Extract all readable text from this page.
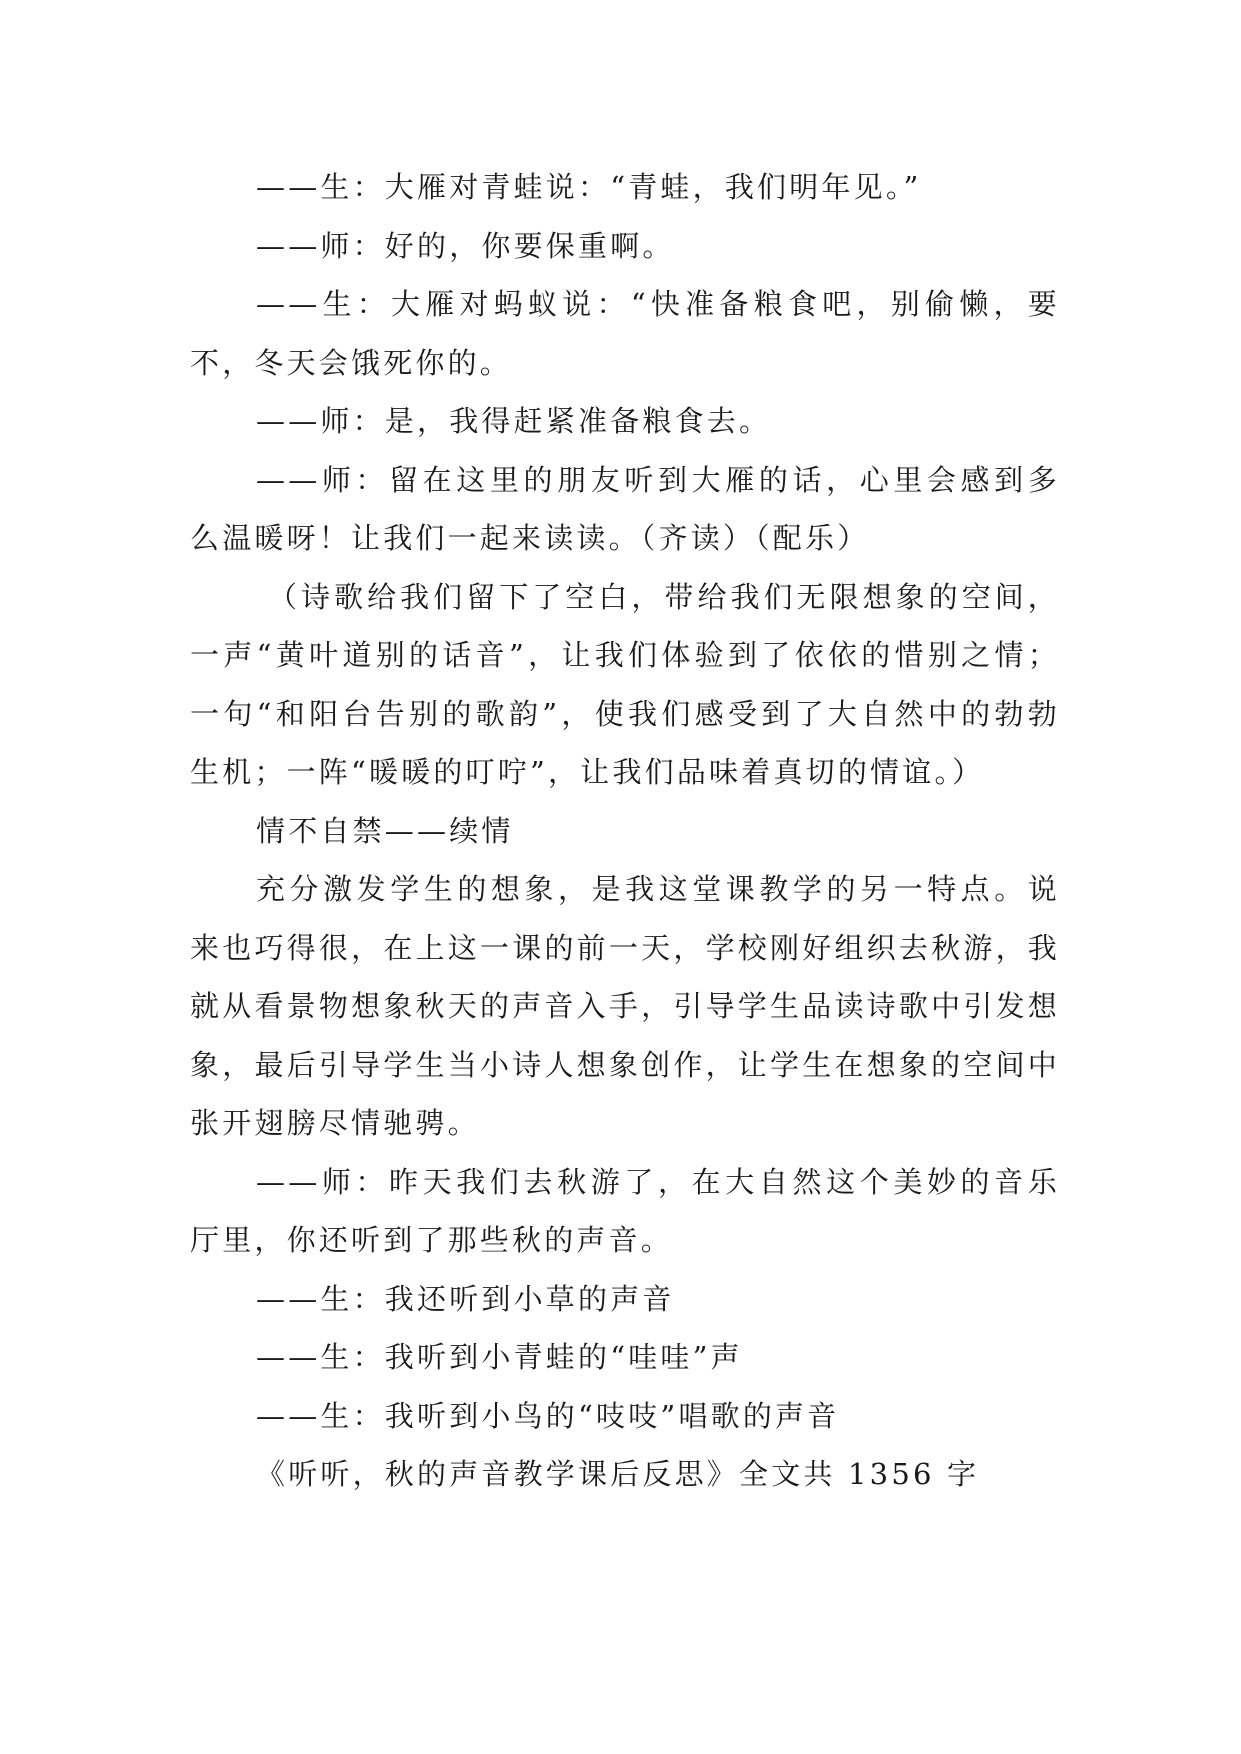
——生：大雁对青蛙说：“青蛙，我们明年见。”

——师：好的，你要保重啊。

——生：大雁对蚂蚁说：“快准备粮食吧，别偷懒，要不，冬天会饿死你的。

——师：是，我得赶紧准备粮食去。

——师：留在这里的朋友听到大雁的话，心里会感到多么温暖呀！让我们一起来读读。（齐读）（配乐）

（诗歌给我们留下了空白，带给我们无限想象的空间，一声“黄叶道别的话音”，让我们体验到了依依的惜别之情；一句“和阳台告别的歌韵”，使我们感受到了大自然中的勃勃生机；一阵“暖暖的叮咛”，让我们品味着真切的情谊。）

情不自禁——续情

充分激发学生的想象，是我这堂课教学的另一特点。说来也巧得很，在上这一课的前一天，学校刚好组织去秋游，我就从看景物想象秋天的声音入手，引导学生品读诗歌中引发想象，最后引导学生当小诗人想象创作，让学生在想象的空间中张开翅膀尽情驰骋。

——师：昨天我们去秋游了，在大自然这个美妙的音乐厅里，你还听到了那些秋的声音。

——生：我还听到小草的声音

——生：我听到小青蛙的“哇哇”声

——生：我听到小鸟的“吱吱”唱歌的声音

《听听，秋的声音教学课后反思》全文共 1356 字
